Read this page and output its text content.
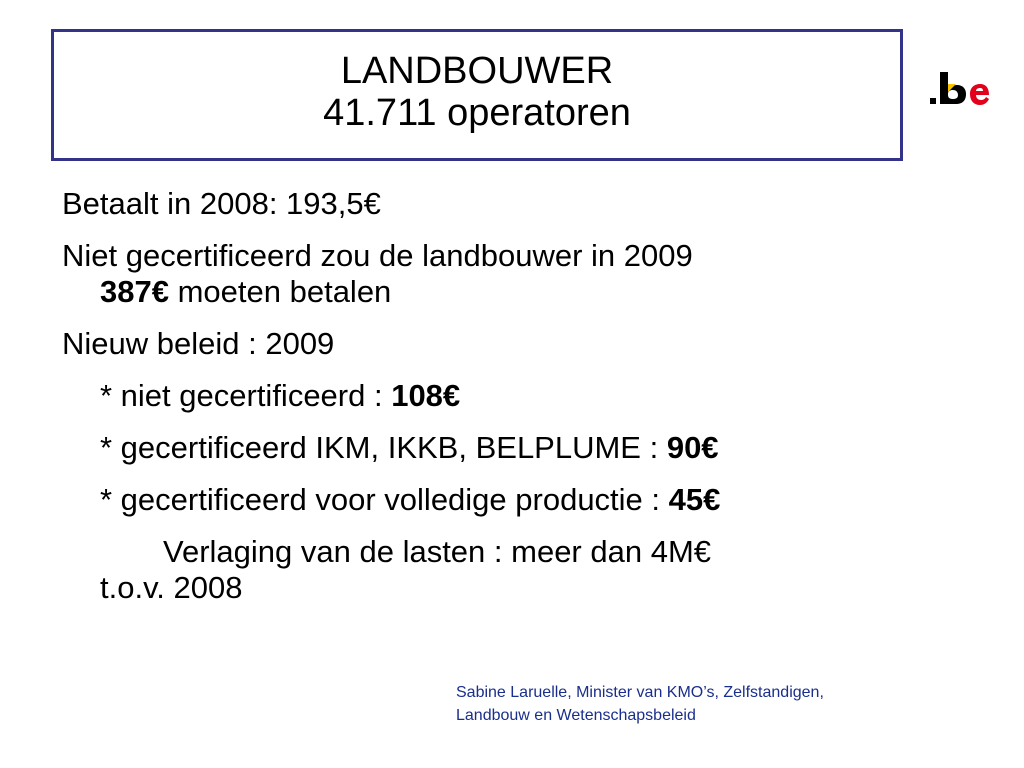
LANDBOUWER
41.711 operatoren
Betaalt in 2008: 193,5€
Niet gecertificeerd zou de landbouwer in 2009
387€ moeten betalen
Nieuw beleid : 2009
* niet gecertificeerd : 108€
* gecertificeerd IKM, IKKB, BELPLUME : 90€
* gecertificeerd voor volledige productie : 45€
Verlaging van de lasten : meer dan 4M€
t.o.v. 2008
Sabine Laruelle, Minister van KMO’s, Zelfstandigen,
Landbouw en Wetenschapsbeleid
